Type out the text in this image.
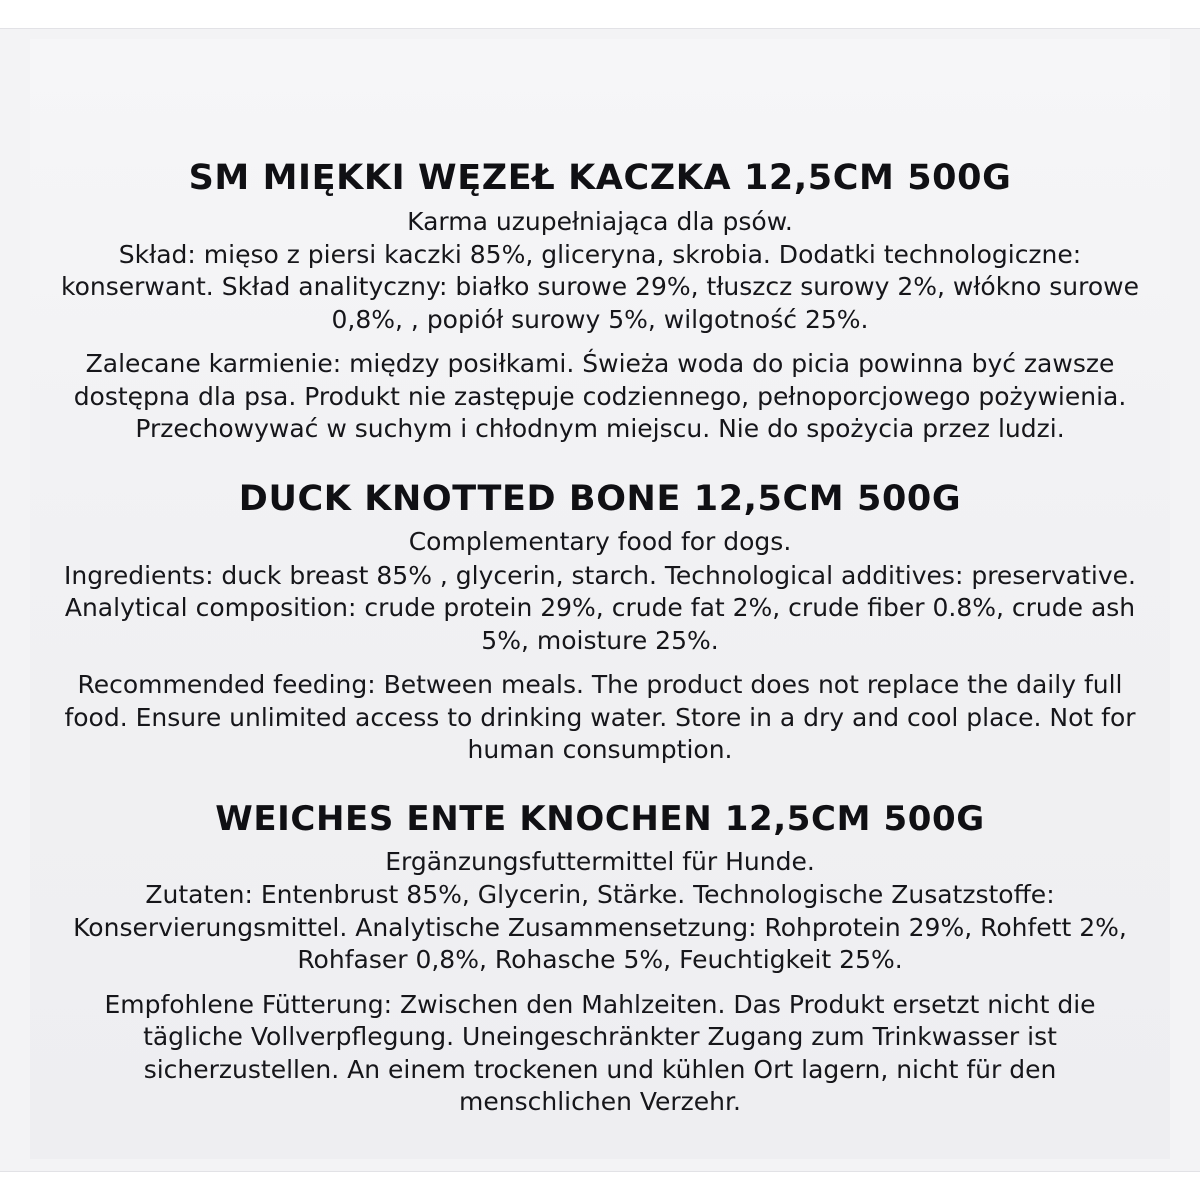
SM MIĘKKI WĘZEŁ KACZKA 12,5CM 500G
Karma uzupełniająca dla psów.

Skład: mięso z piersi kaczki 85%, gliceryna, skrobia. Dodatki technologiczne: konserwant. Skład analityczny: białko surowe 29%, tłuszcz surowy 2%, włókno surowe 0,8%, , popiół surowy 5%, wilgotność 25%.

Zalecane karmienie: między posiłkami. Świeża woda do picia powinna być zawsze dostępna dla psa. Produkt nie zastępuje codziennego, pełnoporcjowego pożywienia. Przechowywać w suchym i chłodnym miejscu. Nie do spożycia przez ludzi.

DUCK KNOTTED BONE 12,5CM 500G
Complementary food for dogs.

Ingredients: duck breast 85% , glycerin, starch. Technological additives: preservative. Analytical composition: crude protein 29%, crude fat 2%, crude fiber 0.8%, crude ash 5%, moisture 25%.

Recommended feeding: Between meals. The product does not replace the daily full food. Ensure unlimited access to drinking water. Store in a dry and cool place. Not for human consumption.

WEICHES ENTE KNOCHEN 12,5CM 500G
Ergänzungsfuttermittel für Hunde.

Zutaten: Entenbrust 85%, Glycerin, Stärke. Technologische Zusatzstoffe: Konservierungsmittel. Analytische Zusammensetzung: Rohprotein 29%, Rohfett 2%, Rohfaser 0,8%, Rohasche 5%, Feuchtigkeit 25%.

Empfohlene Fütterung: Zwischen den Mahlzeiten. Das Produkt ersetzt nicht die tägliche Vollverpflegung. Uneingeschränkter Zugang zum Trinkwasser ist sicherzustellen. An einem trockenen und kühlen Ort lagern, nicht für den menschlichen Verzehr.
